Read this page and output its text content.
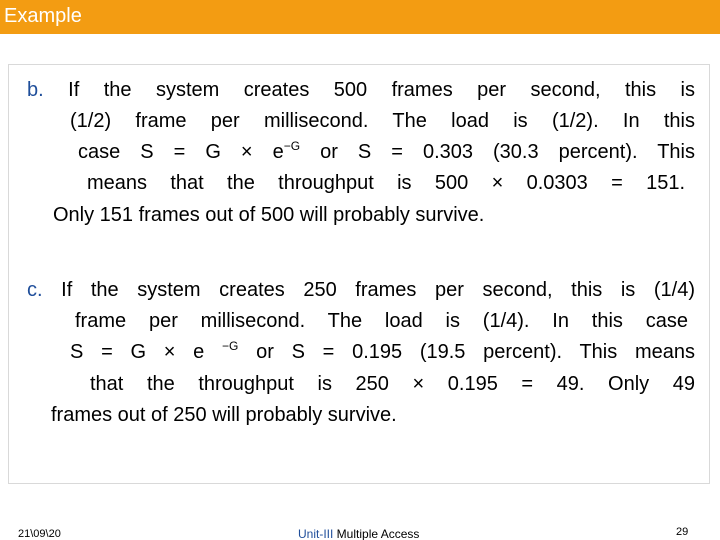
Example
b. If the system creates 500 frames per second, this is
(1/2) frame per millisecond. The load is (1/2). In this
case $S = G \times e^{-G}$ or S = 0.303 (30.3 percent). This
means that the throughput is 500 × 0.0303 = 151.
Only 151 frames out of 500 will probably survive.
c. If the system creates 250 frames per second, this is (1/4)
frame per millisecond. The load is (1/4). In this case
S = G × e $^{-G}$ or S = 0.195 (19.5 percent). This means
that the throughput is 250 × 0.195 = 49. Only 49
frames out of 250 will probably survive.
21\09\20	Unit-III Multiple Access	29
